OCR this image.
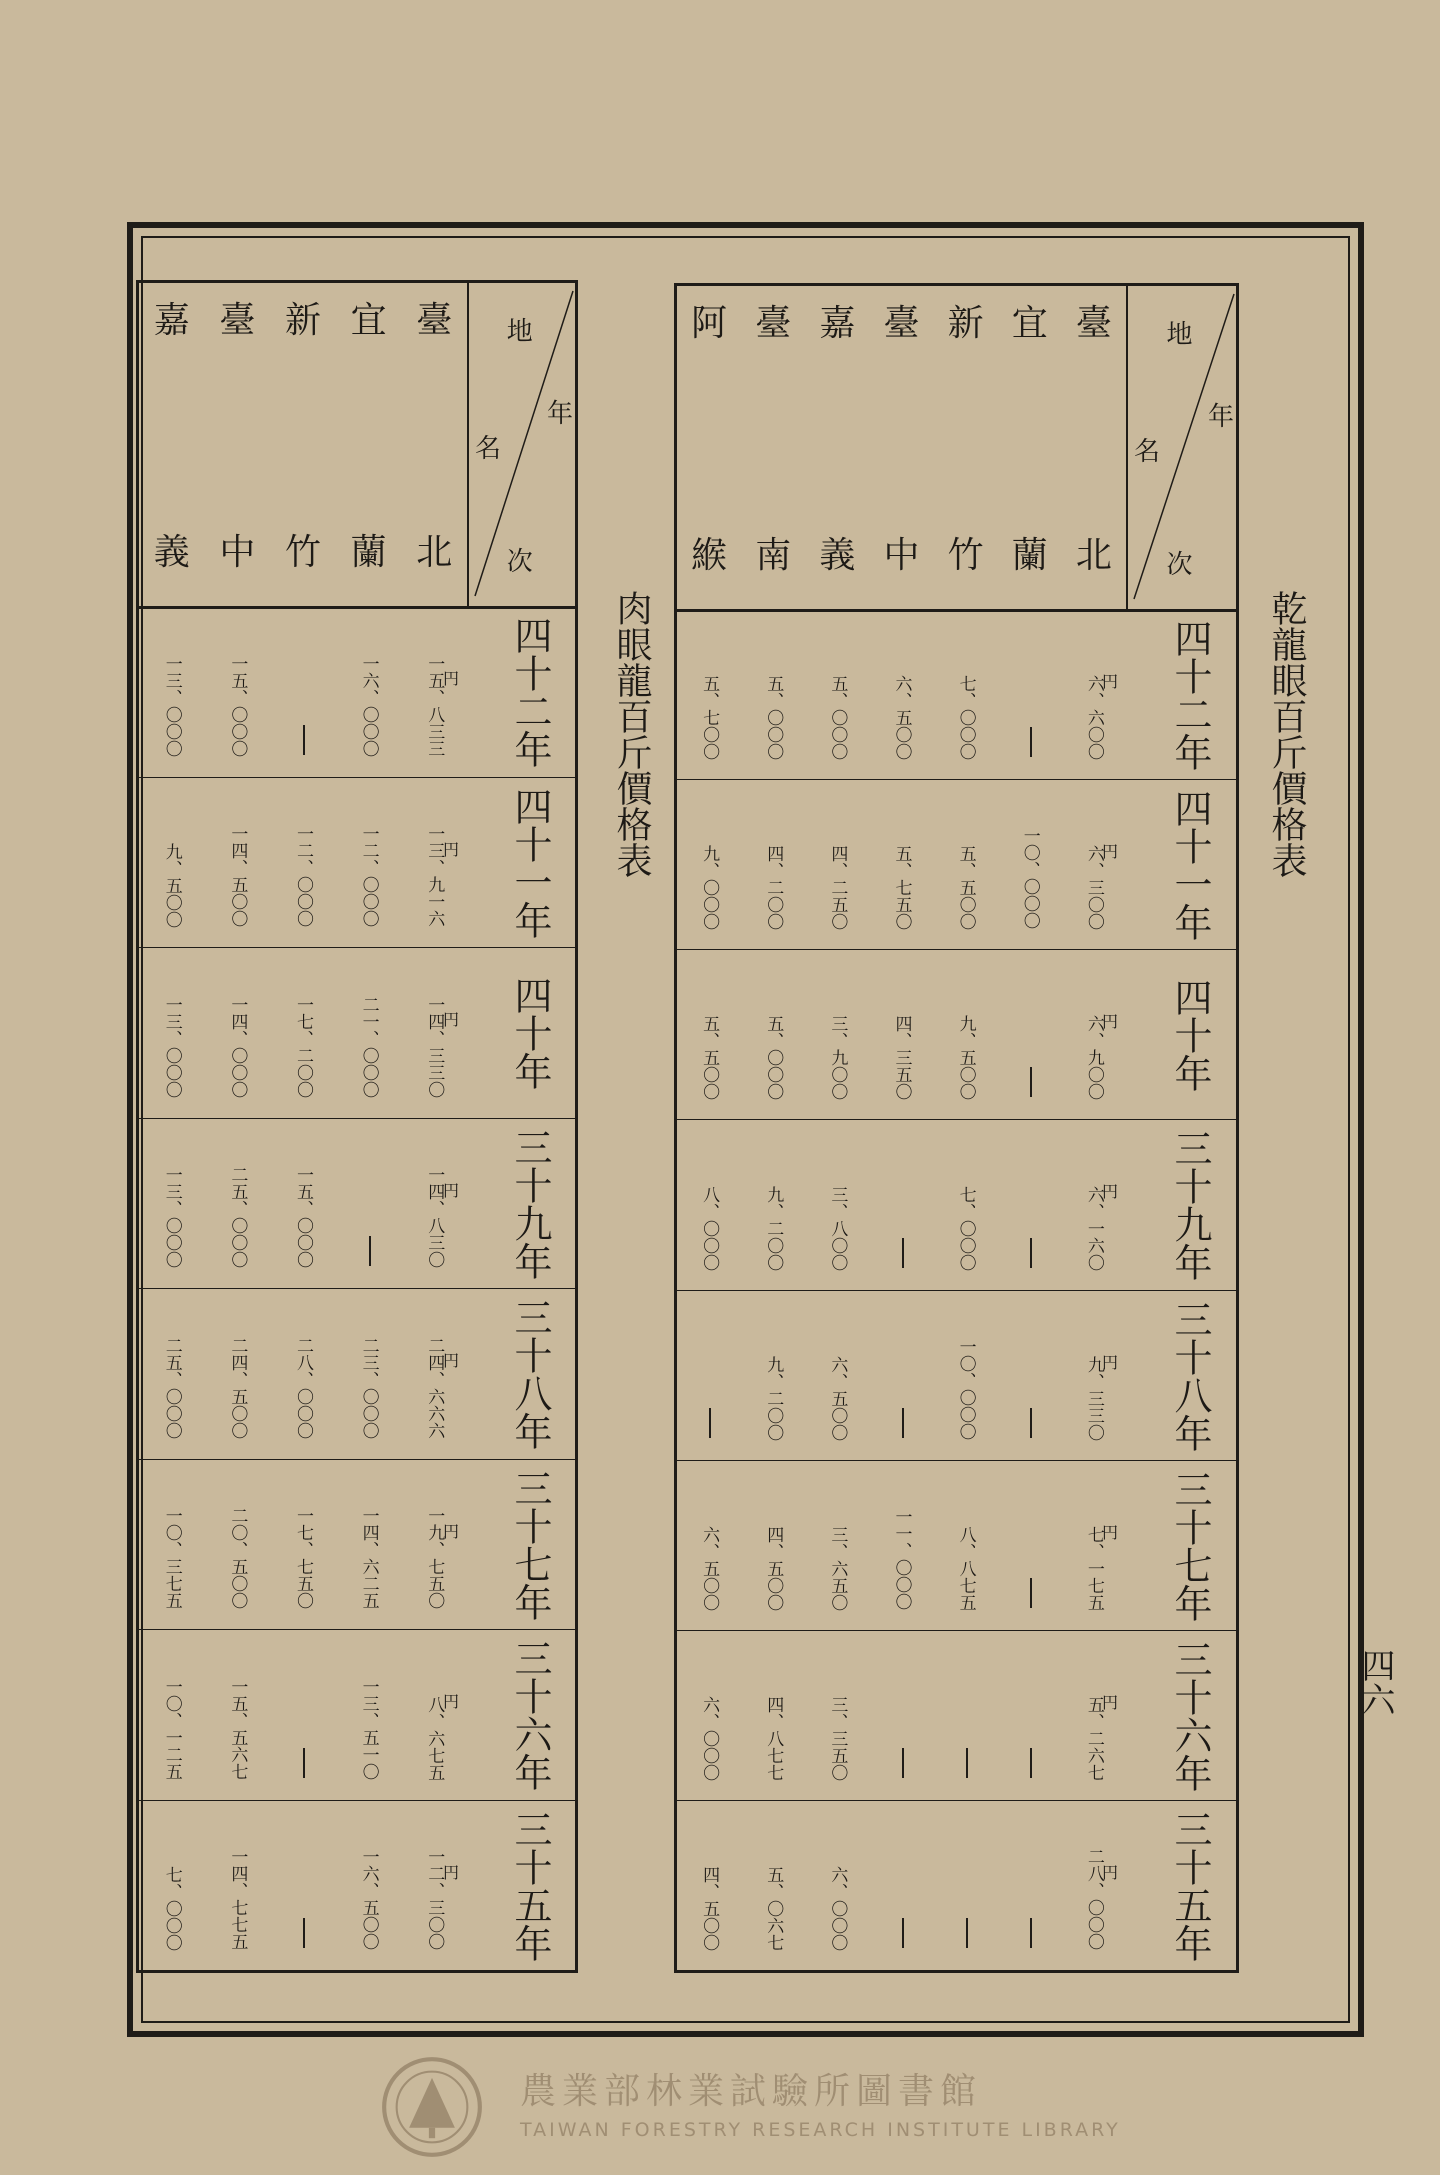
四六
乾龍眼百斤價格表
肉眼龍百斤價格表
地
名
年
次
臺
北
宜
蘭
新
竹
臺
中
嘉
義
臺
南
阿
緱
四十二年
円
六、六〇〇
七、〇〇〇
六、五〇〇
五、〇〇〇
五、〇〇〇
五、七〇〇
四十一年
円
六、三〇〇
一〇、〇〇〇
五、五〇〇
五、七五〇
四、二五〇
四、二〇〇
九、〇〇〇
四十年
円
六、九〇〇
九、五〇〇
四、三五〇
三、九〇〇
五、〇〇〇
五、五〇〇
三十九年
円
六、一六〇
七、〇〇〇
三、八〇〇
九、二〇〇
八、〇〇〇
三十八年
円
九、三三〇
一〇、〇〇〇
六、五〇〇
九、二〇〇
三十七年
円
七、一七五
八、八七五
一一、〇〇〇
三、六五〇
四、五〇〇
六、五〇〇
三十六年
円
五、二六七
三、三五〇
四、八七七
六、〇〇〇
三十五年
円
二八、〇〇〇
六、〇〇〇
五、〇六七
四、五〇〇
地
名
年
次
臺
北
宜
蘭
新
竹
臺
中
嘉
義
四十二年
円
一五、八三三
一六、〇〇〇
一五、〇〇〇
一三、〇〇〇
四十一年
円
一三、九一六
一二、〇〇〇
一二、〇〇〇
一四、五〇〇
九、五〇〇
四十年
円
一四、三三〇
二一、〇〇〇
一七、二〇〇
一四、〇〇〇
一三、〇〇〇
三十九年
円
一四、八三〇
一五、〇〇〇
二五、〇〇〇
一三、〇〇〇
三十八年
円
二四、六六六
二三、〇〇〇
二八、〇〇〇
二四、五〇〇
二五、〇〇〇
三十七年
円
一九、七五〇
一四、六二五
一七、七五〇
二〇、五〇〇
一〇、三七五
三十六年
円
八、六七五
一三、五一〇
一五、五六七
一〇、一二五
三十五年
円
一二、三〇〇
一六、五〇〇
一四、七七五
七、〇〇〇
農業部林業試驗所圖書館
TAIWAN FORESTRY RESEARCH INSTITUTE LIBRARY
